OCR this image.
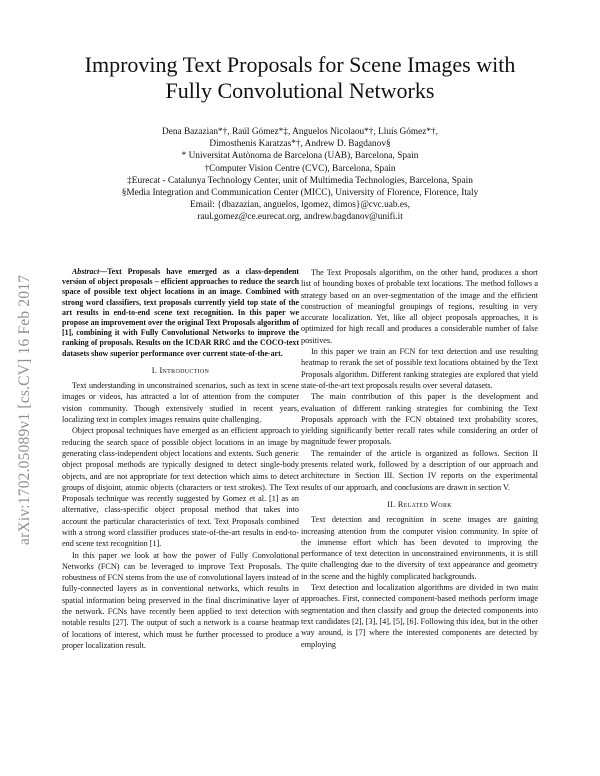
arXiv:1702.05089v1 [cs.CV] 16 Feb 2017
Improving Text Proposals for Scene Images with
Fully Convolutional Networks
Dena Bazazian*†, Raúl Gómez*‡, Anguelos Nicolaou*†, Lluís Gómez*†,
Dimosthenis Karatzas*†, Andrew D. Bagdanov§
* Universitat Autònoma de Barcelona (UAB), Barcelona, Spain
†Computer Vision Centre (CVC), Barcelona, Spain
‡Eurecat - Catalunya Technology Center, unit of Multimedia Technologies, Barcelona, Spain
§Media Integration and Communication Center (MICC), University of Florence, Florence, Italy
Email: {dbazazian, anguelos, lgomez, dimos}@cvc.uab.es,
raul.gomez@ce.eurecat.org, andrew.bagdanov@unifi.it

Abstract—Text Proposals have emerged as a class-dependent version of object proposals – efficient approaches to reduce the search space of possible text object locations in an image. Combined with strong word classifiers, text proposals currently yield top state of the art results in end-to-end scene text recognition. In this paper we propose an improvement over the original Text Proposals algorithm of [1], combining it with Fully Convolutional Networks to improve the ranking of proposals. Results on the ICDAR RRC and the COCO-text datasets show superior performance over current state-of-the-art.

I. Introduction

Text understanding in unconstrained scenarios, such as text in scene images or videos, has attracted a lot of attention from the computer vision community. Though extensively studied in recent years, localizing text in complex images remains quite challenging.

Object proposal techniques have emerged as an efficient approach to reducing the search space of possible object locations in an image by generating class-independent object locations and extents. Such generic object proposal methods are typically designed to detect single-body objects, and are not appropriate for text detection which aims to detect groups of disjoint, atomic objects (characters or text strokes). The Text Proposals technique was recently suggested by Gomez et al. [1] as an alternative, class-specific object proposal method that takes into account the particular characteristics of text. Text Proposals combined with a strong word classifier produces state-of-the-art results in end-to-end scene text recognition [1].

In this paper we look at how the power of Fully Convolutional Networks (FCN) can be leveraged to improve Text Proposals. The robustness of FCN stems from the use of convolutional layers instead of fully-connected layers as in conventional networks, which results in spatial information being preserved in the final discriminative layer of the network. FCNs have recently been applied to text detection with notable results [27]. The output of such a network is a coarse heatmap of locations of interest, which must be further processed to produce a proper localization result.

The Text Proposals algorithm, on the other hand, produces a short list of bounding boxes of probable text locations. The method follows a strategy based on an over-segmentation of the image and the efficient construction of meaningful groupings of regions, resulting in very accurate localization. Yet, like all object proposals approaches, it is optimized for high recall and produces a considerable number of false positives.

In this paper we train an FCN for text detection and use resulting heatmap to rerank the set of possible text locations obtained by the Text Proposals algorithm. Different ranking strategies are explored that yield state-of-the-art text proposals results over several datasets.

The main contribution of this paper is the development and evaluation of different ranking strategies for combining the Text Proposals approach with the FCN obtained text probability scores, yielding significantly better recall rates while considering an order of magnitude fewer proposals.

The remainder of the article is organized as follows. Section II presents related work, followed by a description of our approach and architecture in Section III. Section IV reports on the experimental results of our approach, and conclusions are drawn in section V.

II. Related Work

Text detection and recognition in scene images are gaining increasing attention from the computer vision community. In spite of the immense effort which has been devoted to improving the performance of text detection in unconstrained environments, it is still quite challenging due to the diversity of text appearance and geometry in the scene and the highly complicated backgrounds.

Text detection and localization algorithms are divided in two main approaches. First, connected component-based methods perform image segmentation and then classify and group the detected components into text candidates [2], [3], [4], [5], [6]. Following this idea, but in the other way around, is [7] where the interested components are detected by employing
